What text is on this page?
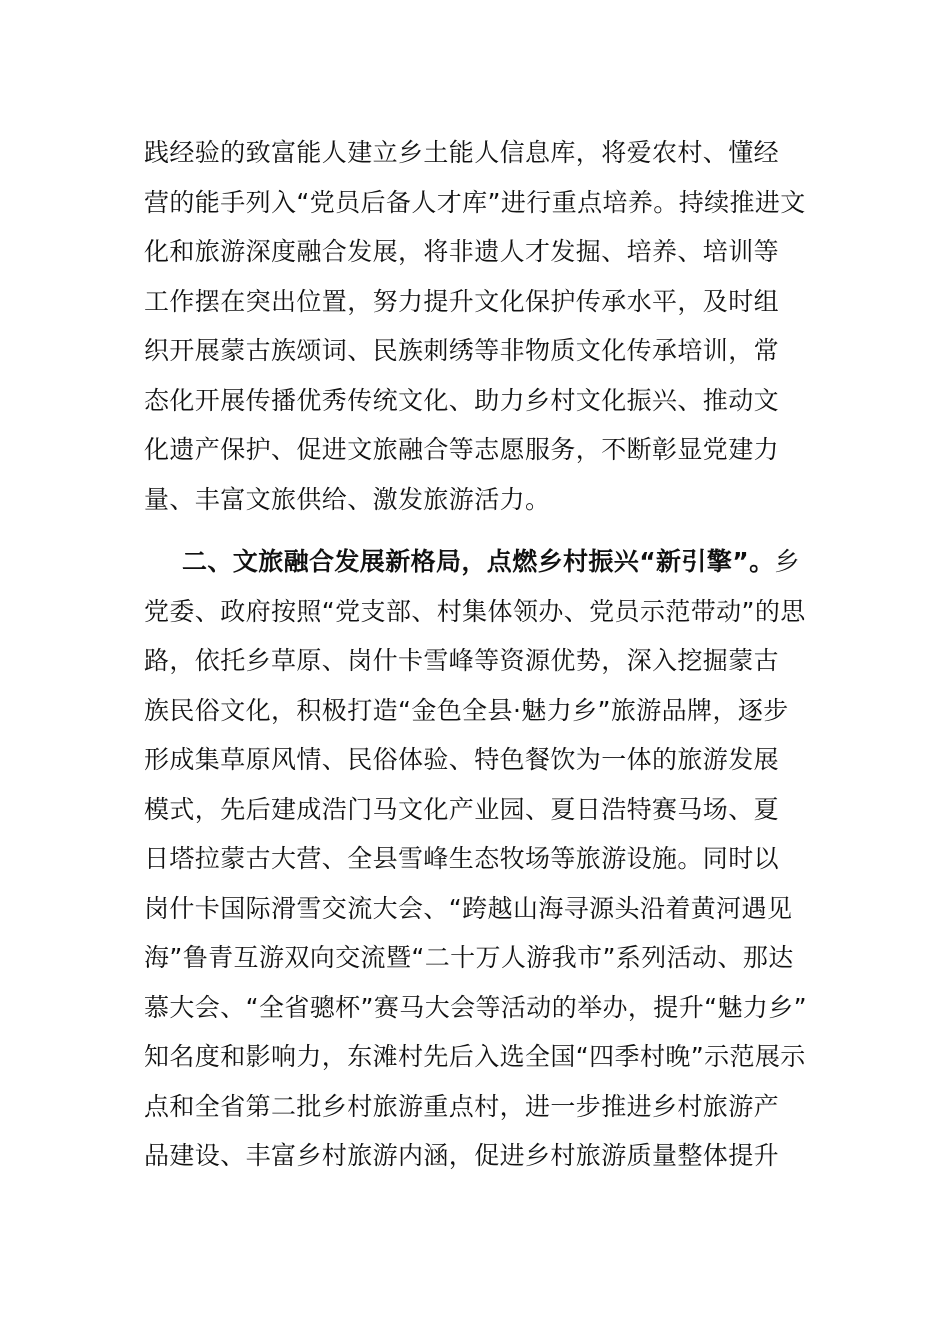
践经验的致富能人建立乡土能人信息库，将爱农村、懂经
营的能手列入“党员后备人才库”进行重点培养。持续推进文
化和旅游深度融合发展，将非遗人才发掘、培养、培训等
工作摆在突出位置，努力提升文化保护传承水平，及时组
织开展蒙古族颂词、民族刺绣等非物质文化传承培训，常
态化开展传播优秀传统文化、助力乡村文化振兴、推动文
化遗产保护、促进文旅融合等志愿服务，不断彰显党建力
量、丰富文旅供给、激发旅游活力。
二、文旅融合发展新格局，点燃乡村振兴“新引擎”。乡
党委、政府按照“党支部、村集体领办、党员示范带动”的思
路，依托乡草原、岗什卡雪峰等资源优势，深入挖掘蒙古
族民俗文化，积极打造“金色全县·魅力乡”旅游品牌，逐步
形成集草原风情、民俗体验、特色餐饮为一体的旅游发展
模式，先后建成浩门马文化产业园、夏日浩特赛马场、夏
日塔拉蒙古大营、全县雪峰生态牧场等旅游设施。同时以
岗什卡国际滑雪交流大会、“跨越山海寻源头沿着黄河遇见
海”鲁青互游双向交流暨“二十万人游我市”系列活动、那达
慕大会、“全省骢杯”赛马大会等活动的举办，提升“魅力乡”
知名度和影响力，东滩村先后入选全国“四季村晚”示范展示
点和全省第二批乡村旅游重点村，进一步推进乡村旅游产
品建设、丰富乡村旅游内涵，促进乡村旅游质量整体提升
